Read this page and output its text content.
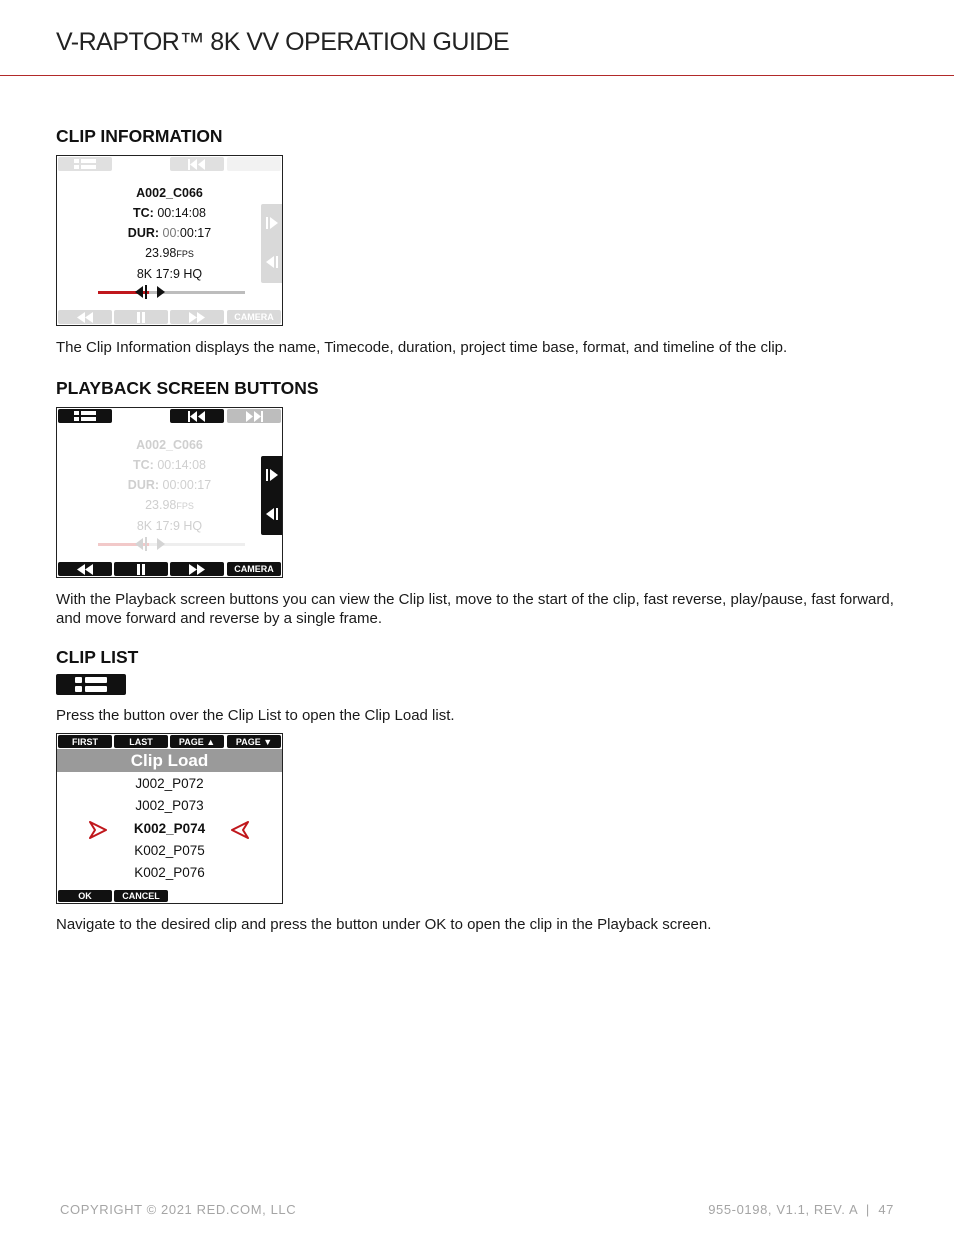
V-RAPTOR™ 8K VV OPERATION GUIDE
CLIP INFORMATION
A002_C066
TC: 00:14:08
DUR: 00:00:17
23.98FPS
8K 17:9 HQ
CAMERA
The Clip Information displays the name, Timecode, duration, project time base, format, and timeline of the clip.
PLAYBACK SCREEN BUTTONS
A002_C066
TC: 00:14:08
DUR: 00:00:17
23.98FPS
8K 17:9 HQ
CAMERA
With the Playback screen buttons you can view the Clip list, move to the start of the clip, fast reverse, play/pause, fast forward, and move forward and reverse by a single frame.
CLIP LIST
Press the button over the Clip List to open the Clip Load list.
FIRST	LAST	PAGE ▲	PAGE ▼
Clip Load
J002_P072
J002_P073
K002_P074
K002_P075
K002_P076
OK	CANCEL
Navigate to the desired clip and press the button under OK to open the clip in the Playback screen.
COPYRIGHT © 2021 RED.COM, LLC	955-0198, V1.1, REV. A  |  47
